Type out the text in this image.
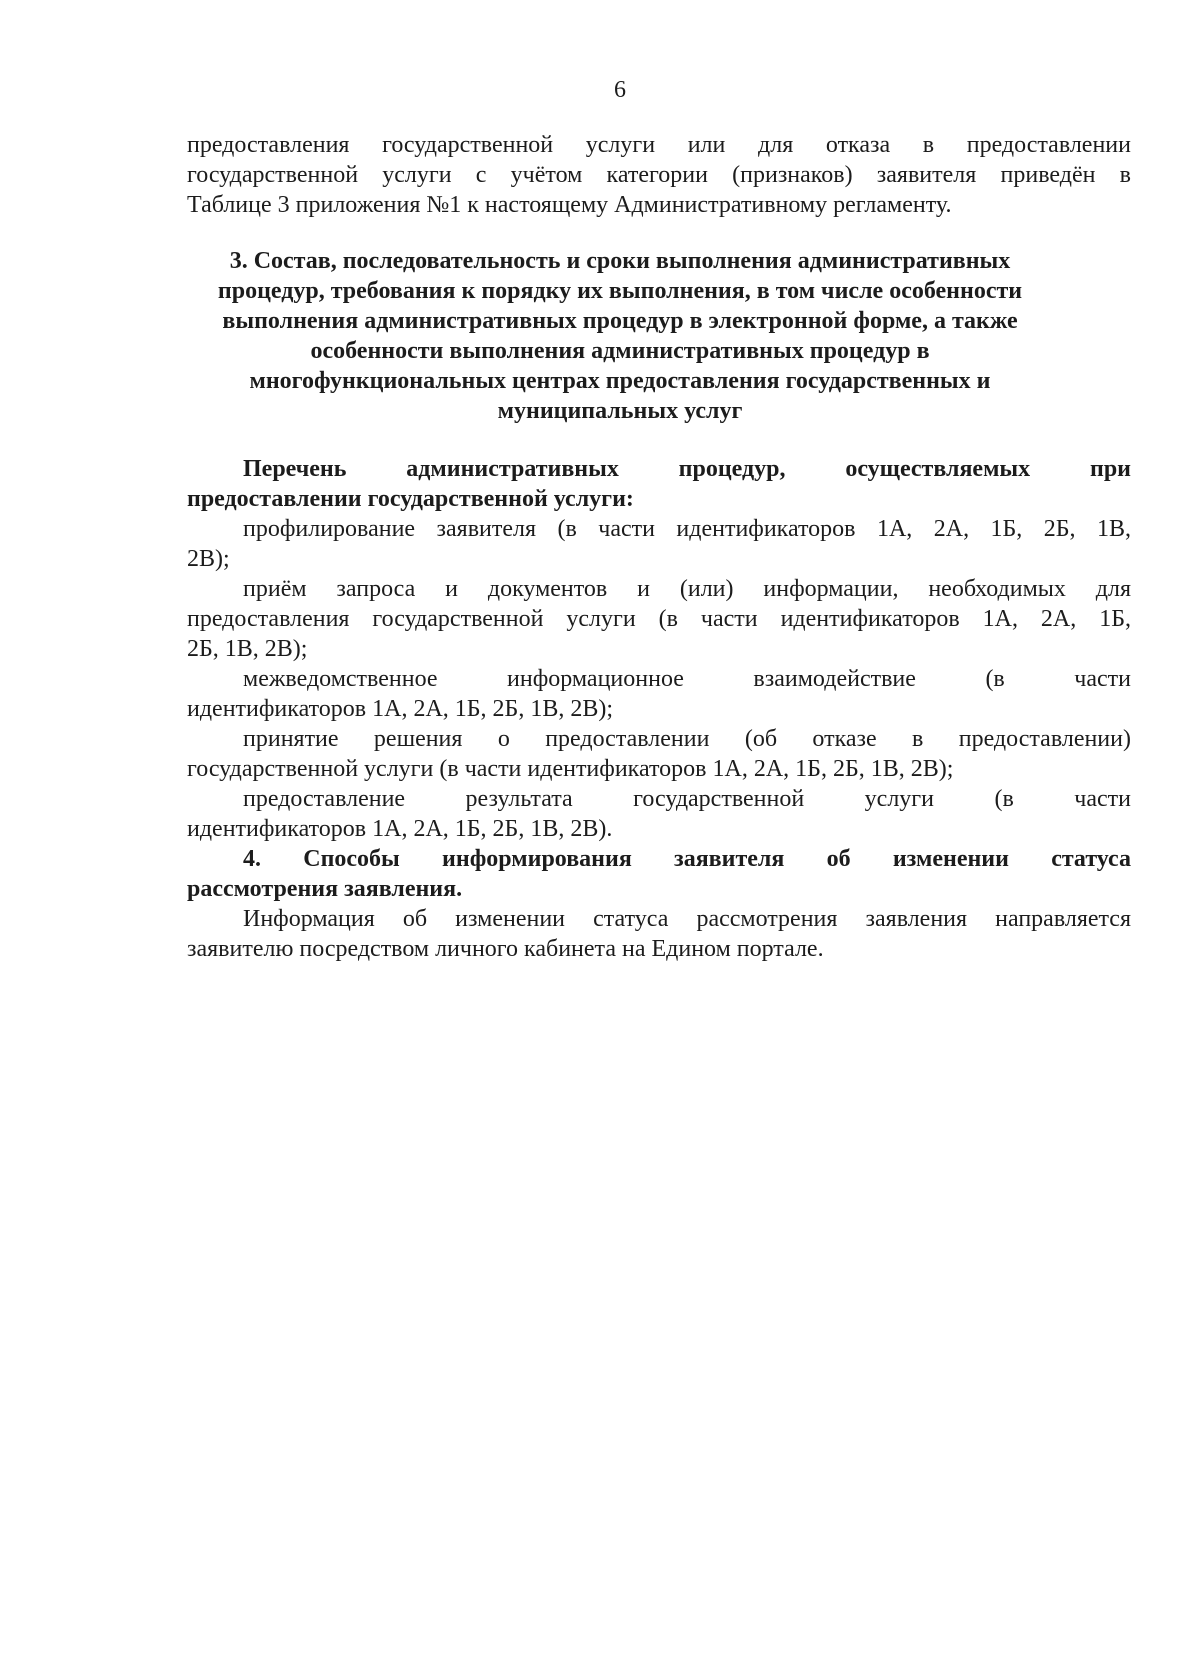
6
предоставления государственной услуги или для отказа в предоставлении
государственной услуги с учётом категории (признаков) заявителя приведён в
Таблице 3 приложения №1 к настоящему Административному регламенту.
3. Состав, последовательность и сроки выполнения административных
процедур, требования к порядку их выполнения, в том числе особенности
выполнения административных процедур в электронной форме, а также
особенности выполнения административных процедур в
многофункциональных центрах предоставления государственных и
муниципальных услуг
Перечень административных процедур, осуществляемых при
предоставлении государственной услуги:
профилирование заявителя (в части идентификаторов 1А, 2А, 1Б, 2Б, 1В,
2В);
приём запроса и документов и (или) информации, необходимых для
предоставления государственной услуги (в части идентификаторов 1А, 2А, 1Б,
2Б, 1В, 2В);
межведомственное информационное взаимодействие (в части
идентификаторов 1А, 2А, 1Б, 2Б, 1В, 2В);
принятие решения о предоставлении (об отказе в предоставлении)
государственной услуги (в части идентификаторов 1А, 2А, 1Б, 2Б, 1В, 2В);
предоставление результата государственной услуги (в части
идентификаторов 1А, 2А, 1Б, 2Б, 1В, 2В).
4. Способы информирования заявителя об изменении статуса
рассмотрения заявления.
Информация об изменении статуса рассмотрения заявления направляется
заявителю посредством личного кабинета на Едином портале.
